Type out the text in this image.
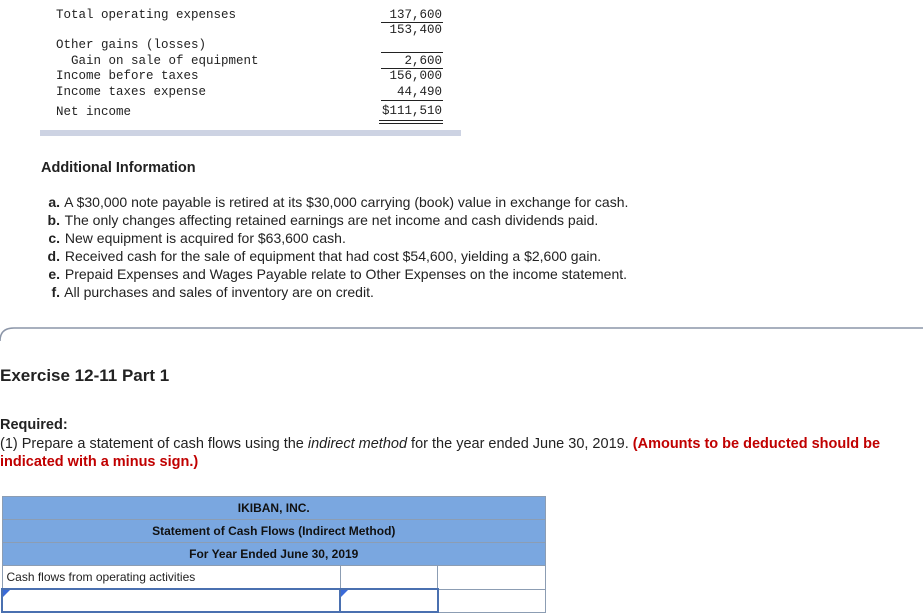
Total operating expenses	137,600
153,400
Other gains (losses)
Gain on sale of equipment	2,600
Income before taxes	156,000
Income taxes expense	44,490
Net income	$111,510
Additional Information
a. A $30,000 note payable is retired at its $30,000 carrying (book) value in exchange for cash.
b. The only changes affecting retained earnings are net income and cash dividends paid.
c. New equipment is acquired for $63,600 cash.
d. Received cash for the sale of equipment that had cost $54,600, yielding a $2,600 gain.
e. Prepaid Expenses and Wages Payable relate to Other Expenses on the income statement.
f. All purchases and sales of inventory are on credit.
Exercise 12-11 Part 1
Required:
(1) Prepare a statement of cash flows using the indirect method for the year ended June 30, 2019. (Amounts to be deducted should be indicated with a minus sign.)
IKIBAN, INC.		
Statement of Cash Flows (Indirect Method)		
For Year Ended June 30, 2019		
Cash flows from operating activities		
